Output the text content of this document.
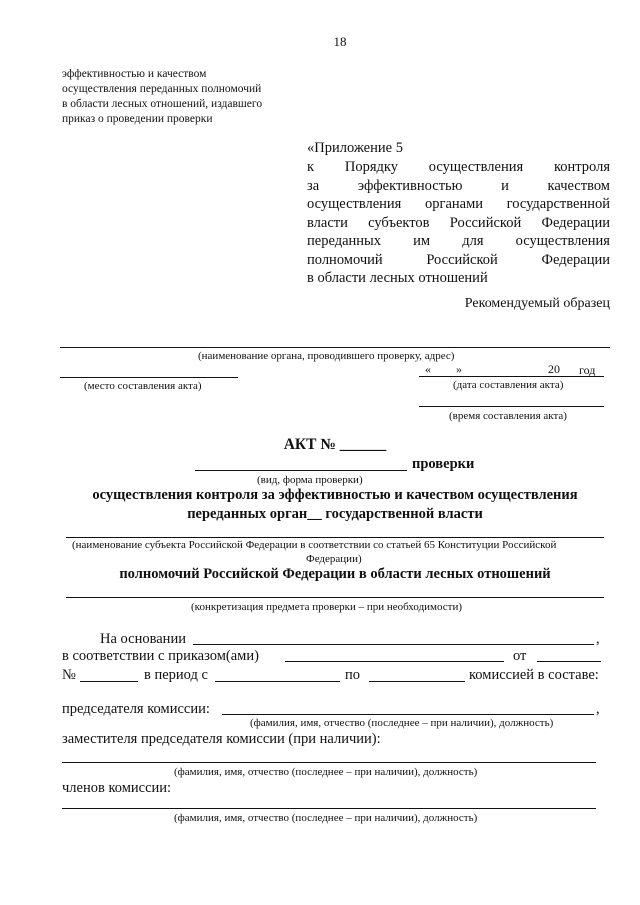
18
эффективностью и качеством
осуществления переданных полномочий
в области лесных отношений, издавшего
приказ о проведении проверки
«Приложение 5
к Порядку осуществления контроля
за	эффективностью	и	качеством
осуществления органами государственной
власти субъектов Российской Федерации
переданных им для осуществления
полномочий	Российской	Федерации
в области лесных отношений
Рекомендуемый образец
(наименование органа, проводившего проверку, адрес)
« »	20 год
(место составления акта)	(дата составления акта)
(время составления акта)
АКТ № ______
проверки
(вид, форма проверки)
осуществления контроля за эффективностью и качеством осуществления
переданных орган__ государственной власти
(наименование субъекта Российской Федерации в соответствии со статьей 65 Конституции Российской
Федерации)
полномочий Российской Федерации в области лесных отношений
(конкретизация предмета проверки – при необходимости)
На основании	,
в соответствии с приказом(ами)	от
№	в период с	по	комиссией в составе:
председателя комиссии:	,
(фамилия, имя, отчество (последнее – при наличии), должность)
заместителя председателя комиссии (при наличии):
(фамилия, имя, отчество (последнее – при наличии), должность)
членов комиссии:
(фамилия, имя, отчество (последнее – при наличии), должность)
